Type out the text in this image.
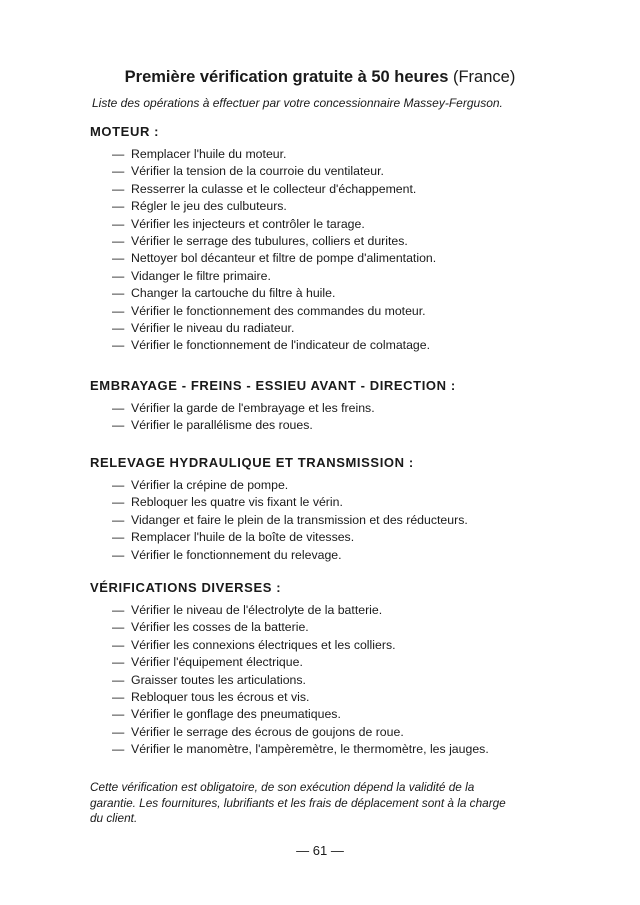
Première vérification gratuite à 50 heures (France)
Liste des opérations à effectuer par votre concessionnaire Massey-Ferguson.
MOTEUR :
— Remplacer l'huile du moteur.
— Vérifier la tension de la courroie du ventilateur.
— Resserrer la culasse et le collecteur d'échappement.
— Régler le jeu des culbuteurs.
— Vérifier les injecteurs et contrôler le tarage.
— Vérifier le serrage des tubulures, colliers et durites.
— Nettoyer bol décanteur et filtre de pompe d'alimentation.
— Vidanger le filtre primaire.
— Changer la cartouche du filtre à huile.
— Vérifier le fonctionnement des commandes du moteur.
— Vérifier le niveau du radiateur.
— Vérifier le fonctionnement de l'indicateur de colmatage.
EMBRAYAGE - FREINS - ESSIEU AVANT - DIRECTION :
— Vérifier la garde de l'embrayage et les freins.
— Vérifier le parallélisme des roues.
RELEVAGE HYDRAULIQUE ET TRANSMISSION :
— Vérifier la crépine de pompe.
— Rebloquer les quatre vis fixant le vérin.
— Vidanger et faire le plein de la transmission et des réducteurs.
— Remplacer l'huile de la boîte de vitesses.
— Vérifier le fonctionnement du relevage.
VÉRIFICATIONS DIVERSES :
— Vérifier le niveau de l'électrolyte de la batterie.
— Vérifier les cosses de la batterie.
— Vérifier les connexions électriques et les colliers.
— Vérifier l'équipement électrique.
— Graisser toutes les articulations.
— Rebloquer tous les écrous et vis.
— Vérifier le gonflage des pneumatiques.
— Vérifier le serrage des écrous de goujons de roue.
— Vérifier le manomètre, l'ampèremètre, le thermomètre, les jauges.
Cette vérification est obligatoire, de son exécution dépend la validité de la
garantie. Les fournitures, lubrifiants et les frais de déplacement sont à la charge
du client.
— 61 —
